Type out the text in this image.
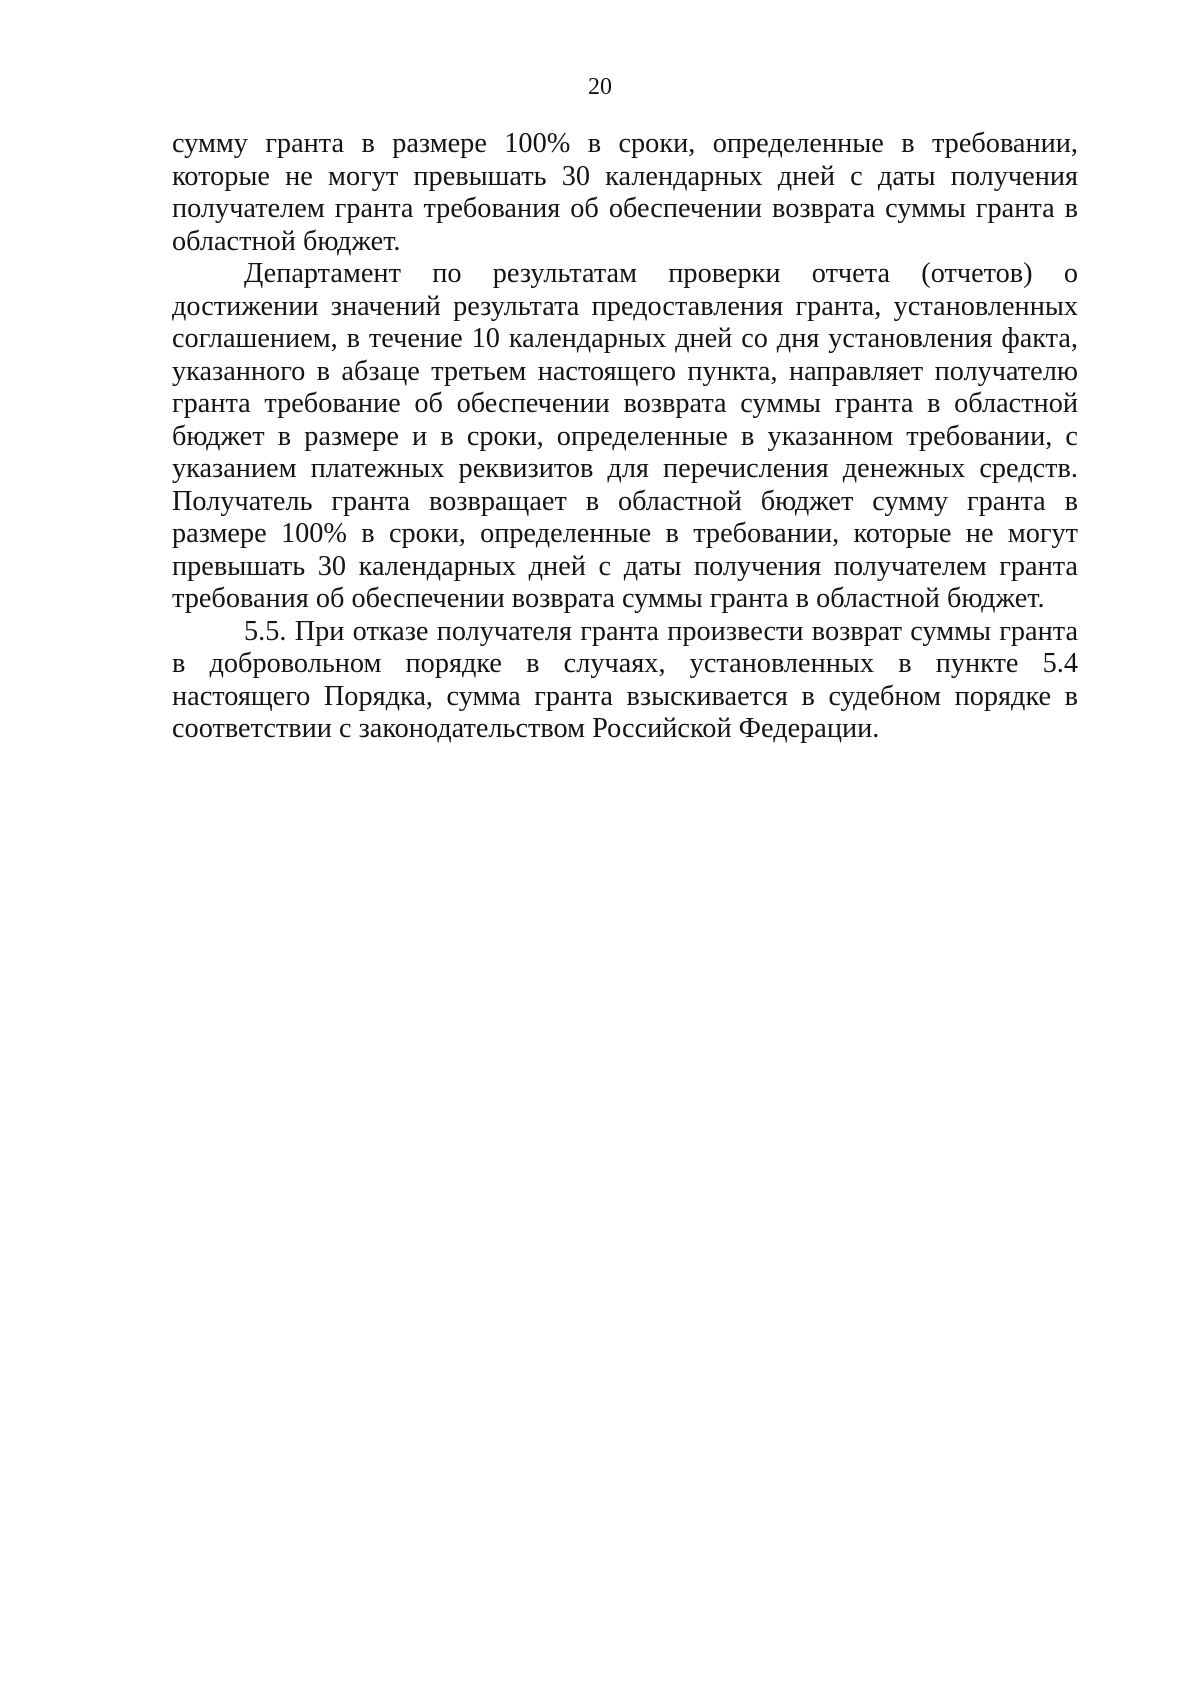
20

суммy гранта в размере 100% в сроки, определенные в требовании, которые не могут превышать 30 календарных дней с даты получения получателем гранта требования об обеспечении возврата суммы гранта в областной бюджет.

Департамент по результатам проверки отчета (отчетов) о достижении значений результата предоставления гранта, установленных соглашением, в течение 10 календарных дней со дня установления факта, указанного в абзаце третьем настоящего пункта, направляет получателю гранта требование об обеспечении возврата суммы гранта в областной бюджет в размере и в сроки, определенные в указанном требовании, с указанием платежных реквизитов для перечисления денежных средств. Получатель гранта возвращает в областной бюджет сумму гранта в размере 100% в сроки, определенные в требовании, которые не могут превышать 30 календарных дней с даты получения получателем гранта требования об обеспечении возврата суммы гранта в областной бюджет.

5.5. При отказе получателя гранта произвести возврат суммы гранта в добровольном порядке в случаях, установленных в пункте 5.4 настоящего Порядка, сумма гранта взыскивается в судебном порядке в соответствии с законодательством Российской Федерации.
